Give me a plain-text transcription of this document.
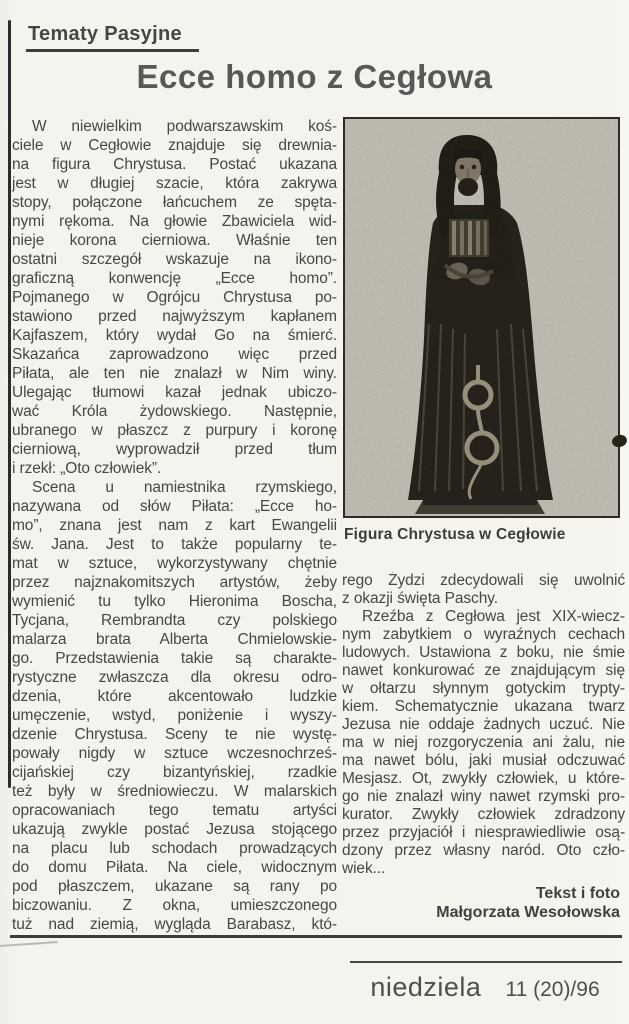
Tematy Pasyjne
Ecce homo z Cegłowa
W niewielkim podwarszawskim koś-
ciele w Cegłowie znajduje się drewnia-
na figura Chrystusa. Postać ukazana
jest w długiej szacie, która zakrywa
stopy, połączone łańcuchem ze spęta-
nymi rękoma. Na głowie Zbawiciela wid-
nieje korona cierniowa. Właśnie ten
ostatni szczegół wskazuje na ikono-
graficzną konwencję „Ecce homo”.
Pojmanego w Ogrójcu Chrystusa po-
stawiono przed najwyższym kapłanem
Kajfaszem, który wydał Go na śmierć.
Skazańca zaprowadzono więc przed
Piłata, ale ten nie znalazł w Nim winy.
Ulegając tłumowi kazał jednak ubiczo-
wać Króla żydowskiego. Następnie,
ubranego w płaszcz z purpury i koronę
cierniową, wyprowadził przed tłum
i rzekł: „Oto człowiek”.
Scena u namiestnika rzymskiego,
nazywana od słów Piłata: „Ecce ho-
mo”, znana jest nam z kart Ewangelii
św. Jana. Jest to także popularny te-
mat w sztuce, wykorzystywany chętnie
przez najznakomitszych artystów, żeby
wymienić tu tylko Hieronima Boscha,
Tycjana, Rembrandta czy polskiego
malarza brata Alberta Chmielowskie-
go. Przedstawienia takie są charakte-
rystyczne zwłaszcza dla okresu odro-
dzenia, które akcentowało ludzkie
umęczenie, wstyd, poniżenie i wyszy-
dzenie Chrystusa. Sceny te nie wystę-
powały nigdy w sztuce wczesnochrześ-
cijańskiej czy bizantyńskiej, rzadkie
też były w średniowieczu. W malarskich
opracowaniach tego tematu artyści
ukazują zwykle postać Jezusa stojącego
na placu lub schodach prowadzących
do domu Piłata. Na ciele, widocznym
pod płaszczem, ukazane są rany po
biczowaniu. Z okna, umieszczonego
tuż nad ziemią, wygląda Barabasz, któ-
Figura Chrystusa w Cegłowie
rego Żydzi zdecydowali się uwolnić
z okazji święta Paschy.
Rzeźba z Cegłowa jest XIX-wiecz-
nym zabytkiem o wyraźnych cechach
ludowych. Ustawiona z boku, nie śmie
nawet konkurować ze znajdującym się
w ołtarzu słynnym gotyckim trypty-
kiem. Schematycznie ukazana twarz
Jezusa nie oddaje żadnych uczuć. Nie
ma w niej rozgoryczenia ani żalu, nie
ma nawet bólu, jaki musiał odczuwać
Mesjasz. Ot, zwykły człowiek, u które-
go nie znalazł winy nawet rzymski pro-
kurator. Zwykły człowiek zdradzony
przez przyjaciół i niesprawiedliwie osą-
dzony przez własny naród. Oto czło-
wiek...
Tekst i foto
Małgorzata Wesołowska
niedziela 11 (20)/96
